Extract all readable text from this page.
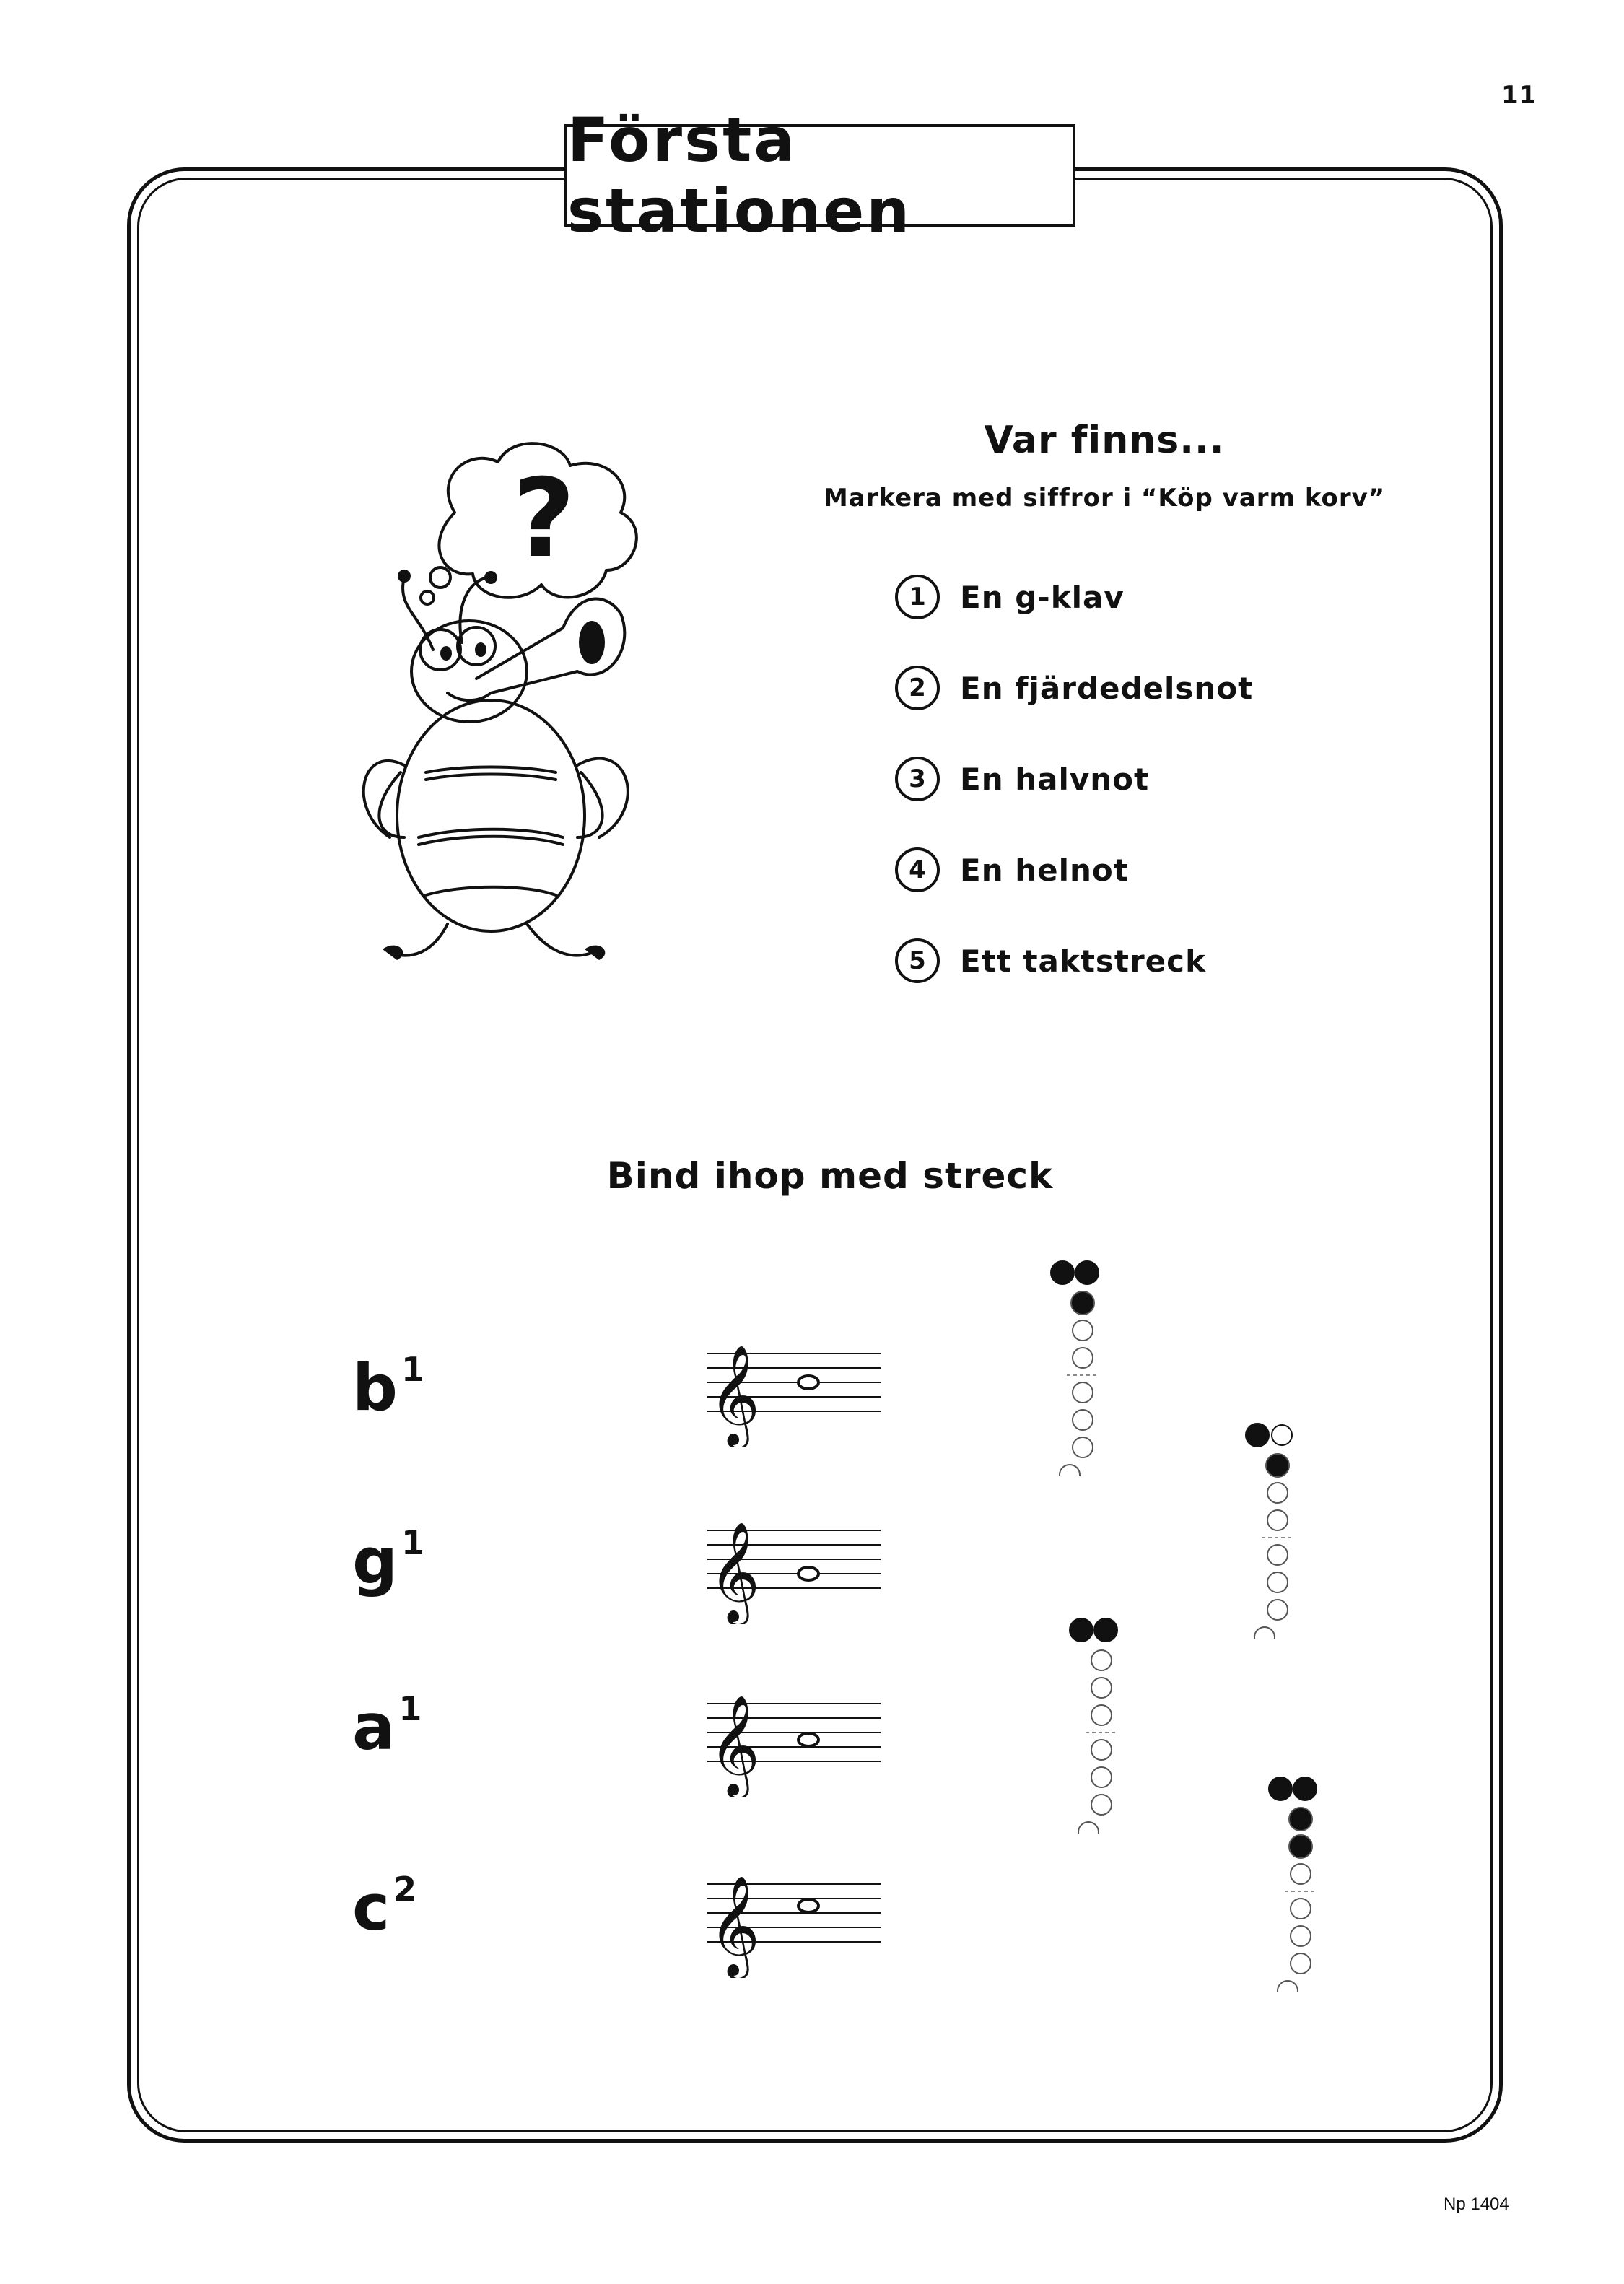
11
Första stationen
?
Var finns...
Markera med siffror i “Köp varm korv”
1	En g-klav
2	En fjärdedelsnot
3	En halvnot
4	En helnot
5	Ett taktstreck
Bind ihop med streck
$b^1$
$g^1$
$a^1$
$c^2$
𝄞
𝄞
𝄞
𝄞
Np 1404
